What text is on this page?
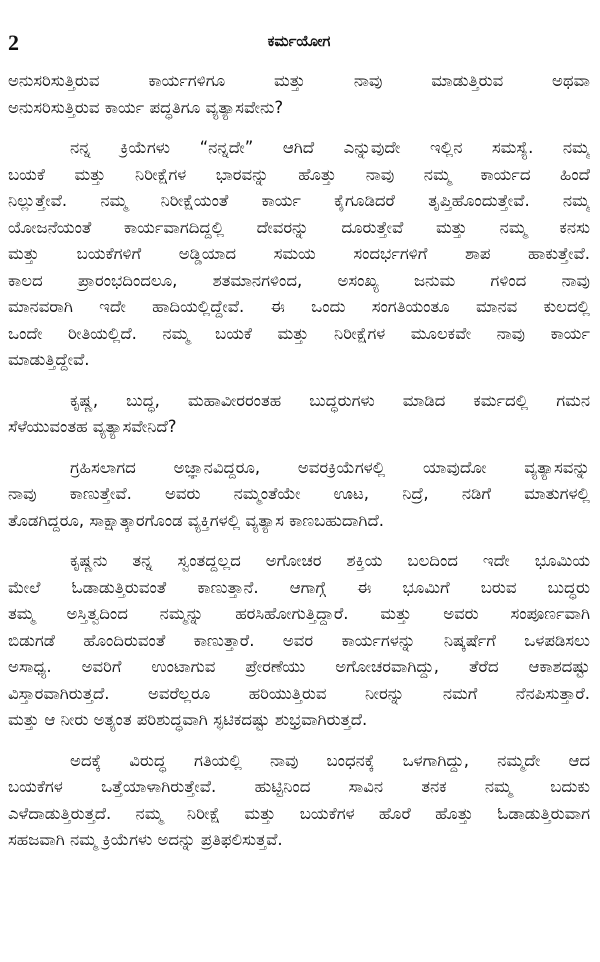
2	ಕರ್ಮಯೋಗ
ಅನುಸರಿಸುತ್ತಿರುವ ಕಾರ್ಯಗಳಿಗೂ ಮತ್ತು ನಾವು ಮಾಡುತ್ತಿರುವ ಅಥವಾ
ಅನುಸರಿಸುತ್ತಿರುವ ಕಾರ್ಯ ಪದ್ಧತಿಗೂ ವ್ಯತ್ಯಾಸವೇನು?
ನನ್ನ ಕ್ರಿಯೆಗಳು “ನನ್ನದೇ” ಆಗಿದೆ ಎನ್ನುವುದೇ ಇಲ್ಲಿನ ಸಮಸ್ಯೆ. ನಮ್ಮ
ಬಯಕೆ ಮತ್ತು ನಿರೀಕ್ಷೆಗಳ ಭಾರವನ್ನು ಹೊತ್ತು ನಾವು ನಮ್ಮ ಕಾರ್ಯದ ಹಿಂದೆ
ನಿಲ್ಲುತ್ತೇವೆ. ನಮ್ಮ ನಿರೀಕ್ಷೆಯಂತೆ ಕಾರ್ಯ ಕೈಗೂಡಿದರೆ ತೃಪ್ತಿಹೊಂದುತ್ತೇವೆ. ನಮ್ಮ
ಯೋಜನೆಯಂತೆ ಕಾರ್ಯವಾಗದಿದ್ದಲ್ಲಿ ದೇವರನ್ನು ದೂರುತ್ತೇವೆ ಮತ್ತು ನಮ್ಮ ಕನಸು
ಮತ್ತು ಬಯಕೆಗಳಿಗೆ ಅಡ್ಡಿಯಾದ ಸಮಯ ಸಂದರ್ಭಗಳಿಗೆ ಶಾಪ ಹಾಕುತ್ತೇವೆ.
ಕಾಲದ ಪ್ರಾರಂಭದಿಂದಲೂ, ಶತಮಾನಗಳಿಂದ, ಅಸಂಖ್ಯ ಜನುಮ ಗಳಿಂದ ನಾವು
ಮಾನವರಾಗಿ ಇದೇ ಹಾದಿಯಲ್ಲಿದ್ದೇವೆ. ಈ ಒಂದು ಸಂಗತಿಯಂತೂ ಮಾನವ ಕುಲದಲ್ಲಿ
ಒಂದೇ ರೀತಿಯಲ್ಲಿದೆ. ನಮ್ಮ ಬಯಕೆ ಮತ್ತು ನಿರೀಕ್ಷೆಗಳ ಮೂಲಕವೇ ನಾವು ಕಾರ್ಯ
ಮಾಡುತ್ತಿದ್ದೇವೆ.
ಕೃಷ್ಣ, ಬುದ್ಧ, ಮಹಾವೀರರಂತಹ ಬುದ್ಧರುಗಳು ಮಾಡಿದ ಕರ್ಮದಲ್ಲಿ ಗಮನ
ಸೆಳೆಯುವಂತಹ ವ್ಯತ್ಯಾಸವೇನಿದೆ?
ಗ್ರಹಿಸಲಾಗದ ಅಜ್ಞಾನವಿದ್ದರೂ, ಅವರಕ್ರಿಯೆಗಳಲ್ಲಿ ಯಾವುದೋ ವ್ಯತ್ಯಾಸವನ್ನು
ನಾವು ಕಾಣುತ್ತೇವೆ. ಅವರು ನಮ್ಮಂತೆಯೇ ಊಟ, ನಿದ್ರೆ, ನಡಿಗೆ ಮಾತುಗಳಲ್ಲಿ
ತೊಡಗಿದ್ದರೂ, ಸಾಕ್ಷಾತ್ಕಾರಗೊಂಡ ವ್ಯಕ್ತಿಗಳಲ್ಲಿ ವ್ಯತ್ಯಾಸ ಕಾಣಬಹುದಾಗಿದೆ.
ಕೃಷ್ಣನು ತನ್ನ ಸ್ವಂತದ್ದಲ್ಲದ ಅಗೋಚರ ಶಕ್ತಿಯ ಬಲದಿಂದ ಇದೇ ಭೂಮಿಯ
ಮೇಲೆ ಓಡಾಡುತ್ತಿರುವಂತೆ ಕಾಣುತ್ತಾನೆ. ಆಗಾಗ್ಗೆ ಈ ಭೂಮಿಗೆ ಬರುವ ಬುದ್ಧರು
ತಮ್ಮ ಅಸ್ತಿತ್ವದಿಂದ ನಮ್ಮನ್ನು ಹರಸಿಹೋಗುತ್ತಿದ್ದಾರೆ. ಮತ್ತು ಅವರು ಸಂಪೂರ್ಣವಾಗಿ
ಬಿಡುಗಡೆ ಹೊಂದಿರುವಂತೆ ಕಾಣುತ್ತಾರೆ. ಅವರ ಕಾರ್ಯಗಳನ್ನು ನಿಷ್ಕರ್ಷೆಗೆ ಒಳಪಡಿಸಲು
ಅಸಾಧ್ಯ. ಅವರಿಗೆ ಉಂಟಾಗುವ ಪ್ರೇರಣೆಯು ಅಗೋಚರವಾಗಿದ್ದು, ತೆರೆದ ಆಕಾಶದಷ್ಟು
ವಿಸ್ತಾರವಾಗಿರುತ್ತದೆ. ಅವರೆಲ್ಲರೂ ಹರಿಯುತ್ತಿರುವ ನೀರನ್ನು ನಮಗೆ ನೆನಪಿಸುತ್ತಾರೆ.
ಮತ್ತು ಆ ನೀರು ಅತ್ಯಂತ ಪರಿಶುದ್ಧವಾಗಿ ಸ್ಫಟಿಕದಷ್ಟು ಶುಭ್ರವಾಗಿರುತ್ತದೆ.
ಅದಕ್ಕೆ ವಿರುದ್ಧ ಗತಿಯಲ್ಲಿ ನಾವು ಬಂಧನಕ್ಕೆ ಒಳಗಾಗಿದ್ದು, ನಮ್ಮದೇ ಆದ
ಬಯಕೆಗಳ ಒತ್ತೆಯಾಳಾಗಿರುತ್ತೇವೆ. ಹುಟ್ಟಿನಿಂದ ಸಾವಿನ ತನಕ ನಮ್ಮ ಬದುಕು
ಎಳೆದಾಡುತ್ತಿರುತ್ತದೆ. ನಮ್ಮ ನಿರೀಕ್ಷೆ ಮತ್ತು ಬಯಕೆಗಳ ಹೊರೆ ಹೊತ್ತು ಓಡಾಡುತ್ತಿರುವಾಗ
ಸಹಜವಾಗಿ ನಮ್ಮ ಕ್ರಿಯೆಗಳು ಅದನ್ನು ಪ್ರತಿಫಲಿಸುತ್ತವೆ.
